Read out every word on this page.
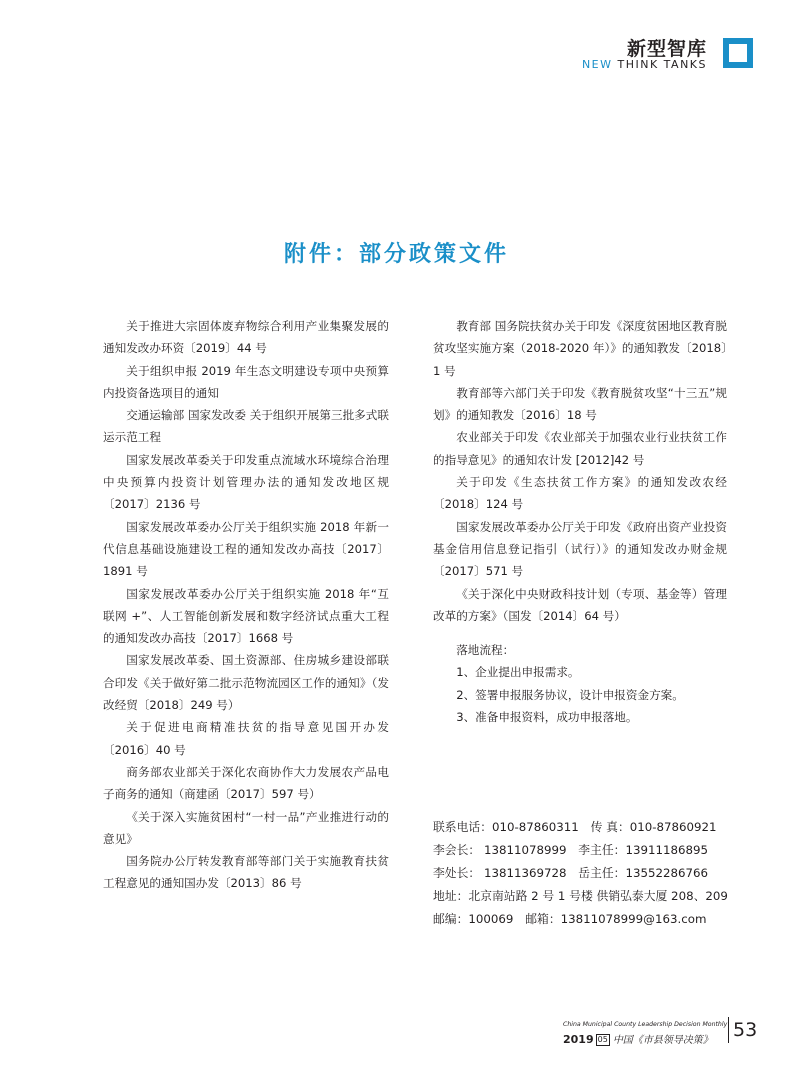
新型智库
NEW THINK TANKS
附件：部分政策文件

关于推进大宗固体废弃物综合利用产业集聚发展的通知发改办环资〔2019〕44 号

关于组织申报 2019 年生态文明建设专项中央预算内投资备选项目的通知

交通运输部 国家发改委 关于组织开展第三批多式联运示范工程

国家发展改革委关于印发重点流域水环境综合治理中央预算内投资计划管理办法的通知发改地区规〔2017〕2136 号

国家发展改革委办公厅关于组织实施 2018 年新一代信息基础设施建设工程的通知发改办高技〔2017〕1891 号

国家发展改革委办公厅关于组织实施 2018 年“互联网 +”、人工智能创新发展和数字经济试点重大工程的通知发改办高技〔2017〕1668 号

国家发展改革委、国土资源部、住房城乡建设部联合印发《关于做好第二批示范物流园区工作的通知》（发改经贸〔2018〕249 号）

关于促进电商精准扶贫的指导意见国开办发〔2016〕40 号

商务部农业部关于深化农商协作大力发展农产品电子商务的通知（商建函〔2017〕597 号）

《关于深入实施贫困村“一村一品”产业推进行动的意见》

国务院办公厅转发教育部等部门关于实施教育扶贫工程意见的通知国办发〔2013〕86 号

教育部 国务院扶贫办关于印发《深度贫困地区教育脱贫攻坚实施方案（2018-2020 年）》的通知教发〔2018〕1 号

教育部等六部门关于印发《教育脱贫攻坚“十三五”规划》的通知教发〔2016〕18 号

农业部关于印发《农业部关于加强农业行业扶贫工作的指导意见》的通知农计发 [2012]42 号

关于印发《生态扶贫工作方案》的通知发改农经〔2018〕124 号

国家发展改革委办公厅关于印发《政府出资产业投资基金信用信息登记指引（试行）》的通知发改办财金规〔2017〕571 号

《关于深化中央财政科技计划（专项、基金等）管理改革的方案》（国发〔2014〕64 号）

落地流程：

1、企业提出申报需求。

2、签署申报服务协议，设计申报资金方案。

3、准备申报资料，成功申报落地。

联系电话：010-87860311　传 真：010-87860921
李会长： 13811078999　李主任：13911186895
李处长： 13811369728　岳主任：13552286766
地址：北京南站路 2 号 1 号楼 供销弘泰大厦 208、209
邮编：100069　邮箱：13811078999@163.com
China Municipal County Leadership Decision Monthly
2019 05 中国《市县领导决策》 53
